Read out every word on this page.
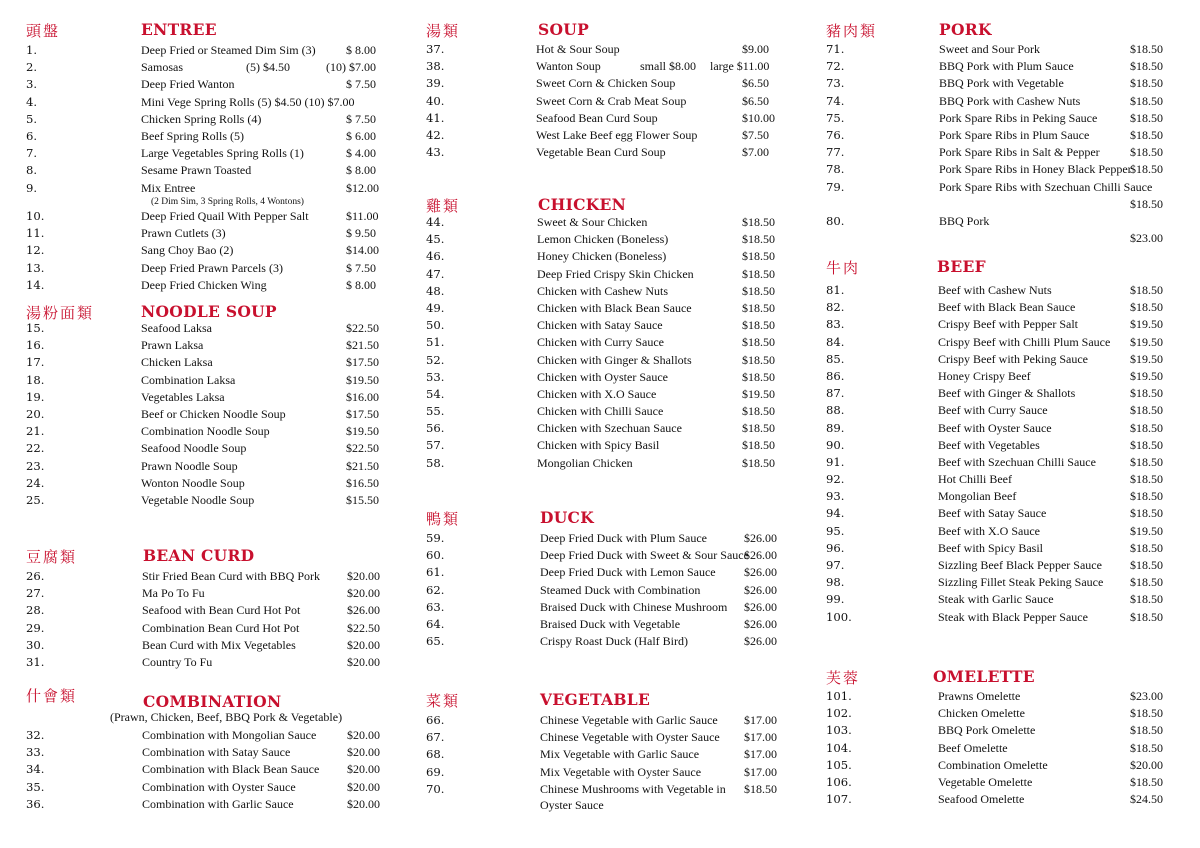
頭盤	ENTREE
1.	Deep Fried or Steamed Dim Sim (3)	$ 8.00
2.	Samosas	(5) $4.50	(10) $7.00
3.	Deep Fried Wanton	$ 7.50
4.	Mini Vege Spring Rolls (5) $4.50 (10) $7.00
5.	Chicken Spring Rolls (4)	$ 7.50
6.	Beef Spring Rolls (5)	$ 6.00
7.	Large Vegetables Spring Rolls (1)	$ 4.00
8.	Sesame Prawn Toasted	$ 8.00
9.	Mix Entree	$12.00
(2 Dim Sim, 3 Spring Rolls, 4 Wontons)
10.	Deep Fried Quail With Pepper Salt	$11.00
11.	Prawn Cutlets (3)	$ 9.50
12.	Sang Choy Bao (2)	$14.00
13.	Deep Fried Prawn Parcels (3)	$ 7.50
14.	Deep Fried Chicken Wing	$ 8.00
湯粉面類	NOODLE SOUP
15.	Seafood Laksa	$22.50
16.	Prawn Laksa	$21.50
17.	Chicken Laksa	$17.50
18.	Combination Laksa	$19.50
19.	Vegetables Laksa	$16.00
20.	Beef or Chicken Noodle Soup	$17.50
21.	Combination Noodle Soup	$19.50
22.	Seafood Noodle Soup	$22.50
23.	Prawn Noodle Soup	$21.50
24.	Wonton Noodle Soup	$16.50
25.	Vegetable Noodle Soup	$15.50
豆腐類	BEAN CURD
26.	Stir Fried Bean Curd with BBQ Pork $20.00
27.	Ma Po To Fu	$20.00
28.	Seafood with Bean Curd Hot Pot	$26.00
29.	Combination Bean Curd Hot Pot	$22.50
30.	Bean Curd with Mix Vegetables	$20.00
31.	Country To Fu	$20.00
什會類	COMBINATION
(Prawn, Chicken, Beef, BBQ Pork & Vegetable)
32.	Combination with Mongolian Sauce	$20.00
33.	Combination with Satay Sauce	$20.00
34.	Combination with Black Bean Sauce $20.00
35.	Combination with Oyster Sauce	$20.00
36.	Combination with Garlic Sauce	$20.00
湯類	SOUP
37.	Hot & Sour Soup	$9.00
38.	Wanton Soup	small $8.00 large $11.00
39.	Sweet Corn & Chicken Soup	$6.50
40.	Sweet Corn & Crab Meat Soup	$6.50
41.	Seafood Bean Curd Soup	$10.00
42.	West Lake Beef egg Flower Soup	$7.50
43.	Vegetable Bean Curd Soup	$7.00
雞類	CHICKEN
44.	Sweet & Sour Chicken	$18.50
45.	Lemon Chicken (Boneless)	$18.50
46.	Honey Chicken (Boneless)	$18.50
47.	Deep Fried Crispy Skin Chicken	$18.50
48.	Chicken with Cashew Nuts	$18.50
49.	Chicken with Black Bean Sauce	$18.50
50.	Chicken with Satay Sauce	$18.50
51.	Chicken with Curry Sauce	$18.50
52.	Chicken with Ginger & Shallots	$18.50
53.	Chicken with Oyster Sauce	$18.50
54.	Chicken with X.O Sauce	$19.50
55.	Chicken with Chilli Sauce	$18.50
56.	Chicken with Szechuan Sauce	$18.50
57.	Chicken with Spicy Basil	$18.50
58.	Mongolian Chicken	$18.50
鴨類	DUCK
59.	Deep Fried Duck with Plum Sauce	$26.00
60.	Deep Fried Duck with Sweet & Sour Sauce
$26.00
61.	Deep Fried Duck with Lemon Sauce $26.00
62.	Steamed Duck with Combination	$26.00
63.	Braised Duck with Chinese Mushroom $26.00
64.	Braised Duck with Vegetable	$26.00
65.	Crispy Roast Duck (Half Bird)	$26.00
菜類	VEGETABLE
66.	Chinese Vegetable with Garlic Sauce $17.00
67.	Chinese Vegetable with Oyster Sauce $17.00
68.	Mix Vegetable with Garlic Sauce	$17.00
69.	Mix Vegetable with Oyster Sauce	$17.00
70.	Chinese Mushrooms with Vegetable in $18.50
Oyster Sauce
豬肉類	PORK
71.	Sweet and Sour Pork	$18.50
72.	BBQ Pork with Plum Sauce	$18.50
73.	BBQ Pork with Vegetable	$18.50
74.	BBQ Pork with Cashew Nuts	$18.50
75.	Pork Spare Ribs in Peking Sauce	$18.50
76.	Pork Spare Ribs in Plum Sauce	$18.50
77.	Pork Spare Ribs in Salt & Pepper	$18.50
78.	Pork Spare Ribs in Honey Black Pepper
$18.50
79.	Pork Spare Ribs with Szechuan Chilli Sauce
$18.50
80.	BBQ Pork
$23.00
牛肉	BEEF
81.	Beef with Cashew Nuts	$18.50
82.	Beef with Black Bean Sauce	$18.50
83.	Crispy Beef with Pepper Salt	$19.50
84.	Crispy Beef with Chilli Plum Sauce $19.50
85.	Crispy Beef with Peking Sauce	$19.50
86.	Honey Crispy Beef	$19.50
87.	Beef with Ginger & Shallots	$18.50
88.	Beef with Curry Sauce	$18.50
89.	Beef with Oyster Sauce	$18.50
90.	Beef with Vegetables	$18.50
91.	Beef with Szechuan Chilli Sauce	$18.50
92.	Hot Chilli Beef	$18.50
93.	Mongolian Beef	$18.50
94.	Beef with Satay Sauce	$18.50
95.	Beef with X.O Sauce	$19.50
96.	Beef with Spicy Basil	$18.50
97.	Sizzling Beef Black Pepper Sauce $18.50
98.	Sizzling Fillet Steak Peking Sauce $18.50
99.	Steak with Garlic Sauce	$18.50
100.	Steak with Black Pepper Sauce	$18.50
芙蓉	OMELETTE
101.	Prawns Omelette	$23.00
102.	Chicken Omelette	$18.50
103.	BBQ Pork Omelette	$18.50
104.	Beef Omelette	$18.50
105.	Combination Omelette	$20.00
106.	Vegetable Omelette	$18.50
107.	Seafood Omelette	$24.50
